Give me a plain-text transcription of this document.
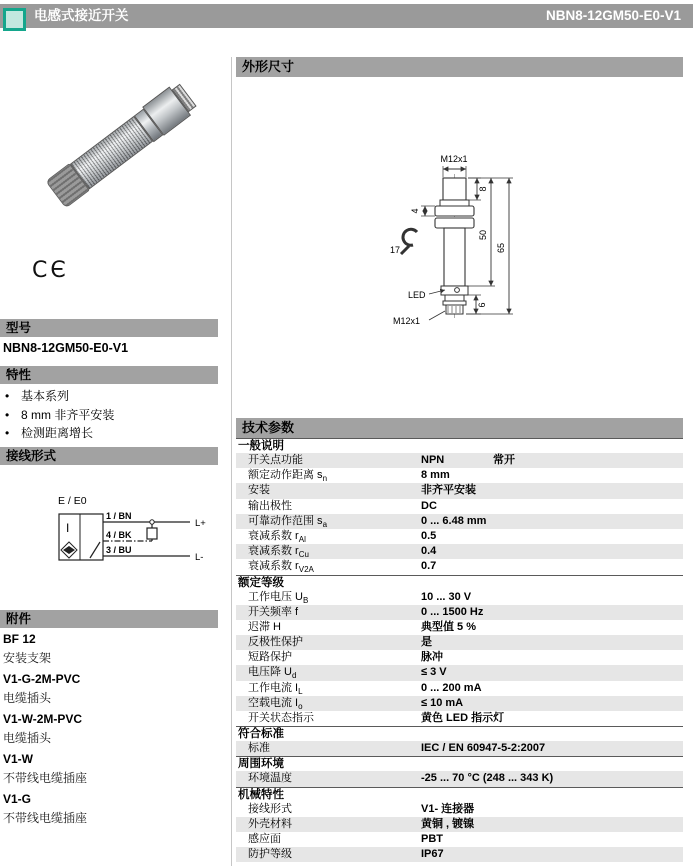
电感式接近开关	NBN8-12GM50-E0-V1
CЄ
型号
NBN8-12GM50-E0-V1
特性
• 基本系列
• 8 mm 非齐平安装
• 检测距离增长
接线形式
E / E0
I
1 / BN
4 / BK
3 / BU
L+
L-
附件
BF 12
安装支架
V1-G-2M-PVC
电缆插头
V1-W-2M-PVC
电缆插头
V1-W
不带线电缆插座
V1-G
不带线电缆插座
外形尺寸
M12x1
8
4
17
LED
6
50
65
M12x1
技术参数
一般说明
开关点功能	NPN	常开
额定动作距离 $s_n$	8 mm
安装	非齐平安装
输出极性	DC
可靠动作范围 $s_a$	0 ... 6.48 mm
衰减系数 $r_{Al}$	0.5
衰减系数 $r_{Cu}$	0.4
衰减系数 $r_{V2A}$	0.7
额定等级
工作电压 $U_B$	10 ... 30 V
开关频率 f	0 ... 1500 Hz
迟滞 H	典型值 5 %
反极性保护	是
短路保护	脉冲
电压降 $U_d$	≤ 3 V
工作电流 $I_L$	0 ... 200 mA
空载电流 $I_o$	≤ 10 mA
开关状态指示	黄色 LED 指示灯
符合标准
标准	IEC / EN 60947-5-2:2007
周围环境
环境温度	-25 ... 70 °C (248 ... 343 K)
机械特性
接线形式	V1- 连接器
外壳材料	黄铜 , 镀镍
感应面	PBT
防护等级	IP67
